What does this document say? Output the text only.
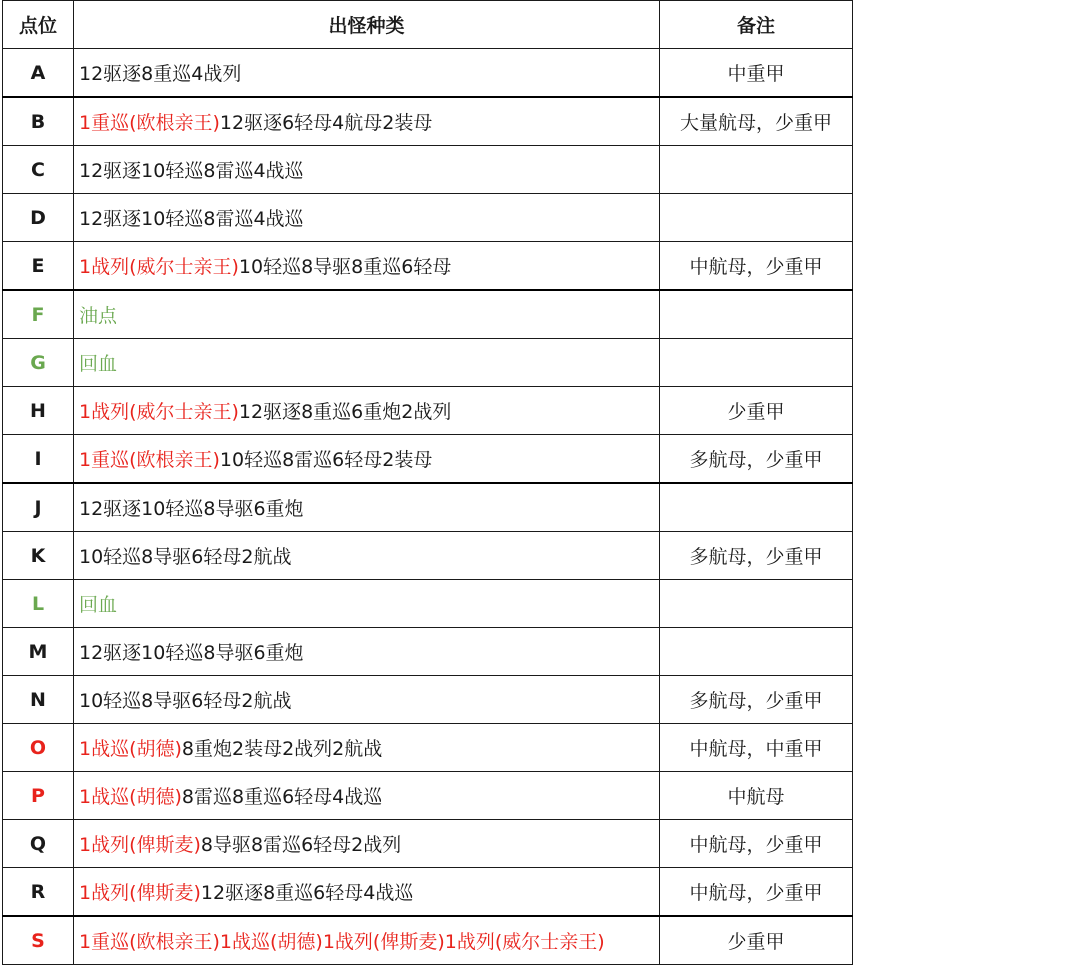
点位	出怪种类	备注
A	12驱逐8重巡4战列	中重甲
B	1重巡(欧根亲王)12驱逐6轻母4航母2装母	大量航母，少重甲
C	12驱逐10轻巡8雷巡4战巡	
D	12驱逐10轻巡8雷巡4战巡	
E	1战列(威尔士亲王)10轻巡8导驱8重巡6轻母	中航母，少重甲
F	油点	
G	回血	
H	1战列(威尔士亲王)12驱逐8重巡6重炮2战列	少重甲
I	1重巡(欧根亲王)10轻巡8雷巡6轻母2装母	多航母，少重甲
J	12驱逐10轻巡8导驱6重炮	
K	10轻巡8导驱6轻母2航战	多航母，少重甲
L	回血	
M	12驱逐10轻巡8导驱6重炮	
N	10轻巡8导驱6轻母2航战	多航母，少重甲
O	1战巡(胡德)8重炮2装母2战列2航战	中航母，中重甲
P	1战巡(胡德)8雷巡8重巡6轻母4战巡	中航母
Q	1战列(俾斯麦)8导驱8雷巡6轻母2战列	中航母，少重甲
R	1战列(俾斯麦)12驱逐8重巡6轻母4战巡	中航母，少重甲
S	1重巡(欧根亲王)1战巡(胡德)1战列(俾斯麦)1战列(威尔士亲王)	少重甲
